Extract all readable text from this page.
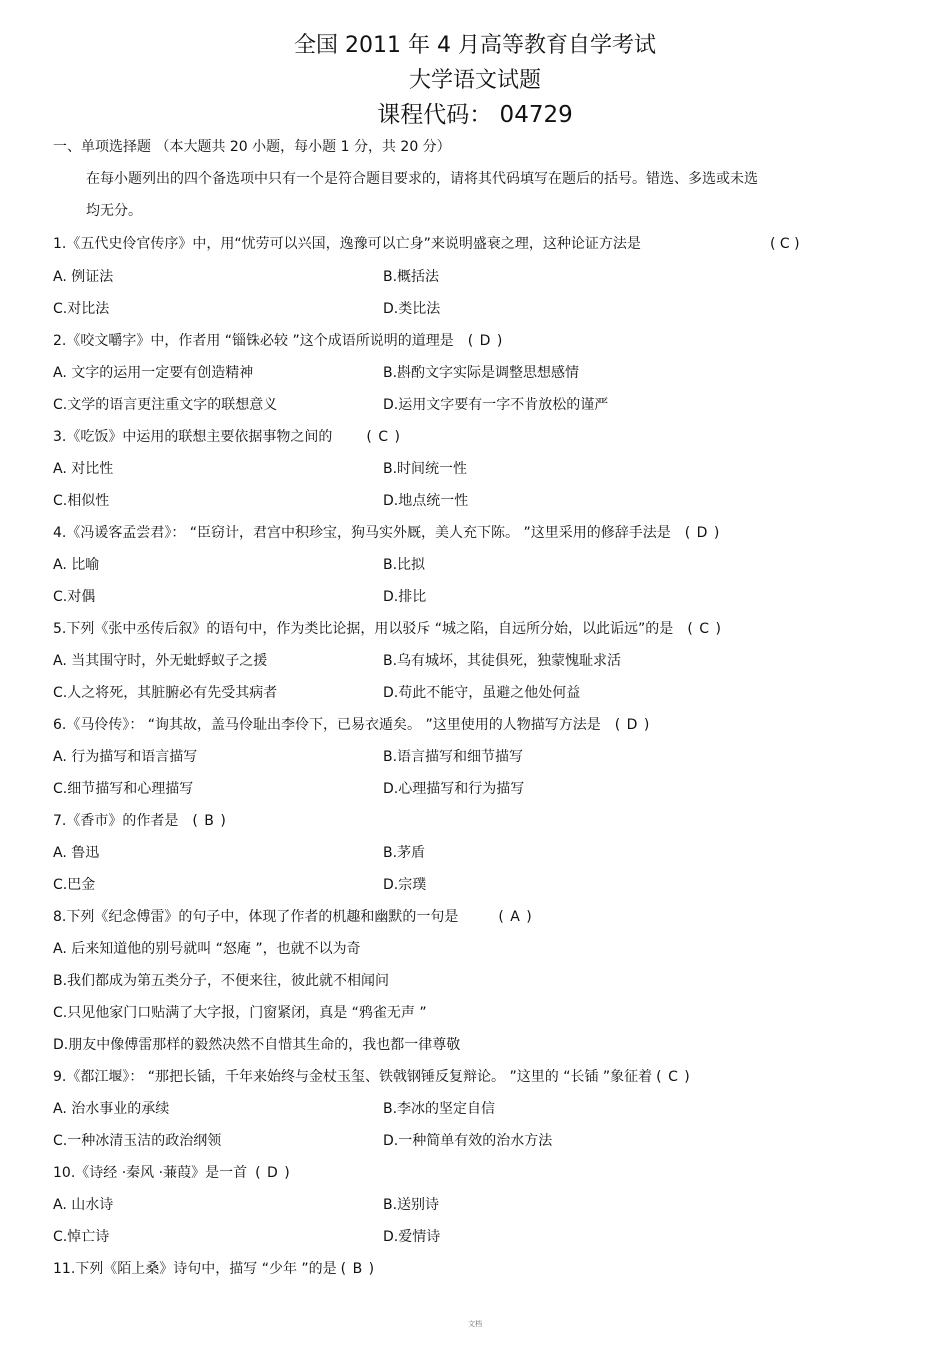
全国 2011 年 4 月高等教育自学考试
大学语文试题
课程代码： 04729
一、单项选择题 （本大题共 20 小题，每小题 1 分，共 20 分）
在每小题列出的四个备选项中只有一个是符合题目要求的，请将其代码填写在题后的括号。错选、多选或未选
均无分。
1.《五代史伶官传序》中，用“忧劳可以兴国，逸豫可以亡身”来说明盛衰之理，这种论证方法是	( C )
A. 例证法	B.概括法
C.对比法	D.类比法
2.《咬文嚼字》中，作者用 “锱铢必较 ”这个成语所说明的道理是 ( D )
A. 文字的运用一定要有创造精神	B.斟酌文字实际是调整思想感情
C.文学的语言更注重文字的联想意义	D.运用文字要有一字不肯放松的谨严
3.《吃饭》中运用的联想主要依据事物之间的 ( C )
A. 对比性	B.时间统一性
C.相似性	D.地点统一性
4.《冯谖客孟尝君》： “臣窃计，君宫中积珍宝，狗马实外厩，美人充下陈。 ”这里采用的修辞手法是 ( D )
A. 比喻	B.比拟
C.对偶	D.排比
5.下列《张中丞传后叙》的语句中，作为类比论据，用以驳斥 “城之陷，自远所分始，以此诟远”的是 ( C )
A. 当其围守时，外无蚍蜉蚁子之援	B.乌有城坏，其徒俱死，独蒙愧耻求活
C.人之将死，其脏腑必有先受其病者	D.苟此不能守，虽避之他处何益
6.《马伶传》： “询其故，盖马伶耻出李伶下，已易衣遁矣。 ”这里使用的人物描写方法是 ( D )
A. 行为描写和语言描写	B.语言描写和细节描写
C.细节描写和心理描写	D.心理描写和行为描写
7.《香市》的作者是 ( B )
A. 鲁迅	B.茅盾
C.巴金	D.宗璞
8.下列《纪念傅雷》的句子中，体现了作者的机趣和幽默的一句是	( A )
A. 后来知道他的别号就叫 “怒庵 ”，也就不以为奇
B.我们都成为第五类分子，不便来往，彼此就不相闻问
C.只见他家门口贴满了大字报，门窗紧闭，真是 “鸦雀无声 ”
D.朋友中像傅雷那样的毅然决然不自惜其生命的，我也都一律尊敬
9.《都江堰》： “那把长锸，千年来始终与金杖玉玺、铁戟钢锤反复辩论。 ”这里的 “长锸 ”象征着 ( C )
A. 治水事业的承续	B.李冰的坚定自信
C.一种冰清玉洁的政治纲领	D.一种简单有效的治水方法
10.《诗经 ·秦风 ·蒹葭》是一首 ( D )
A. 山水诗	B.送别诗
C.悼亡诗	D.爱情诗
11.下列《陌上桑》诗句中，描写 “少年 ”的是 ( B )
文档
